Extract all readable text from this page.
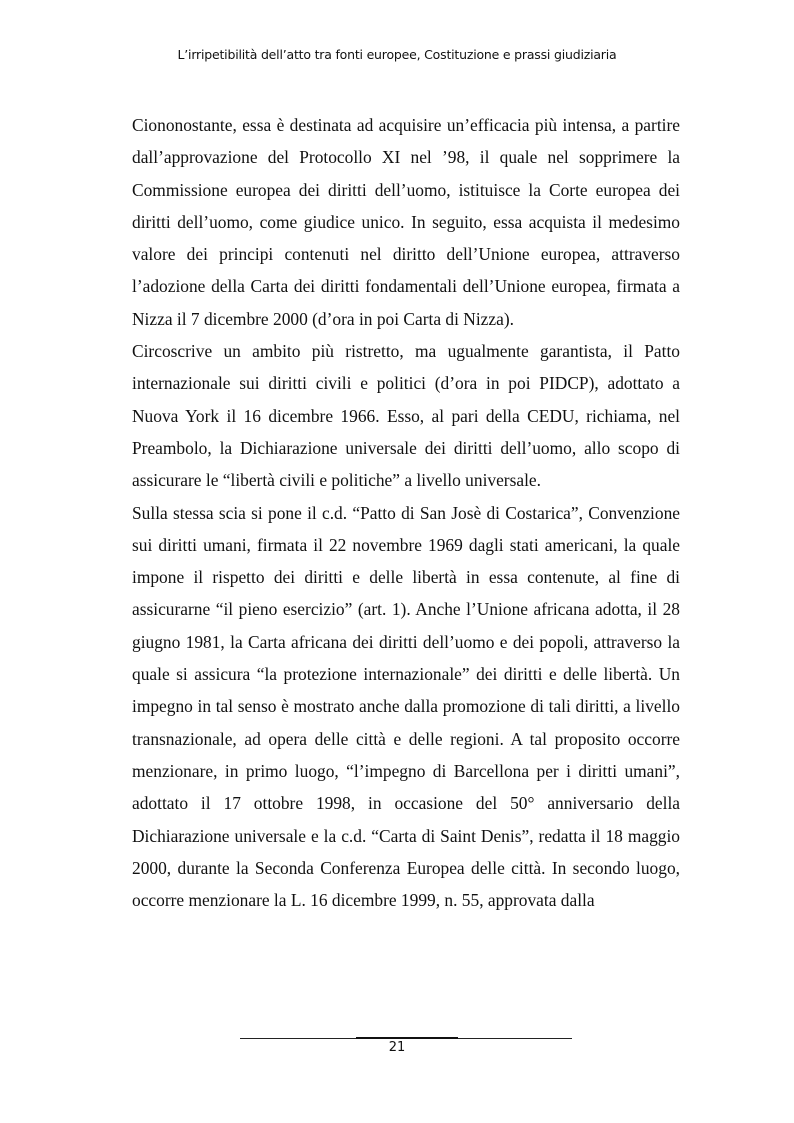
L’irripetibilità dell’atto tra fonti europee, Costituzione e prassi giudiziaria

Ciononostante, essa è destinata ad acquisire un’efficacia più intensa, a partire dall’approvazione del Protocollo XI nel ’98, il quale nel sopprimere la Commissione europea dei diritti dell’uomo, istituisce la Corte europea dei diritti dell’uomo, come giudice unico. In seguito, essa acquista il medesimo valore dei principi contenuti nel diritto dell’Unione europea, attraverso l’adozione della Carta dei diritti fondamentali dell’Unione europea, firmata a Nizza il 7 dicembre 2000 (d’ora in poi Carta di Nizza).

Circoscrive un ambito più ristretto, ma ugualmente garantista, il Patto internazionale sui diritti civili e politici (d’ora in poi PIDCP), adottato a Nuova York il 16 dicembre 1966. Esso, al pari della CEDU, richiama, nel Preambolo, la Dichiarazione universale dei diritti dell’uomo, allo scopo di assicurare le “libertà civili e politiche” a livello universale.

Sulla stessa scia si pone il c.d. “Patto di San Josè di Costarica”, Convenzione sui diritti umani, firmata il 22 novembre 1969 dagli stati americani, la quale impone il rispetto dei diritti e delle libertà in essa contenute, al fine di assicurarne “il pieno esercizio” (art. 1). Anche l’Unione africana adotta, il 28 giugno 1981, la Carta africana dei diritti dell’uomo e dei popoli, attraverso la quale si assicura “la protezione internazionale” dei diritti e delle libertà. Un impegno in tal senso è mostrato anche dalla promozione di tali diritti, a livello transnazionale, ad opera delle città e delle regioni. A tal proposito occorre menzionare, in primo luogo, “l’impegno di Barcellona per i diritti umani”, adottato il 17 ottobre 1998, in occasione del 50° anniversario della Dichiarazione universale e la c.d. “Carta di Saint Denis”, redatta il 18 maggio 2000, durante la Seconda Conferenza Europea delle città. In secondo luogo, occorre menzionare la L. 16 dicembre 1999, n. 55, approvata dalla

21
